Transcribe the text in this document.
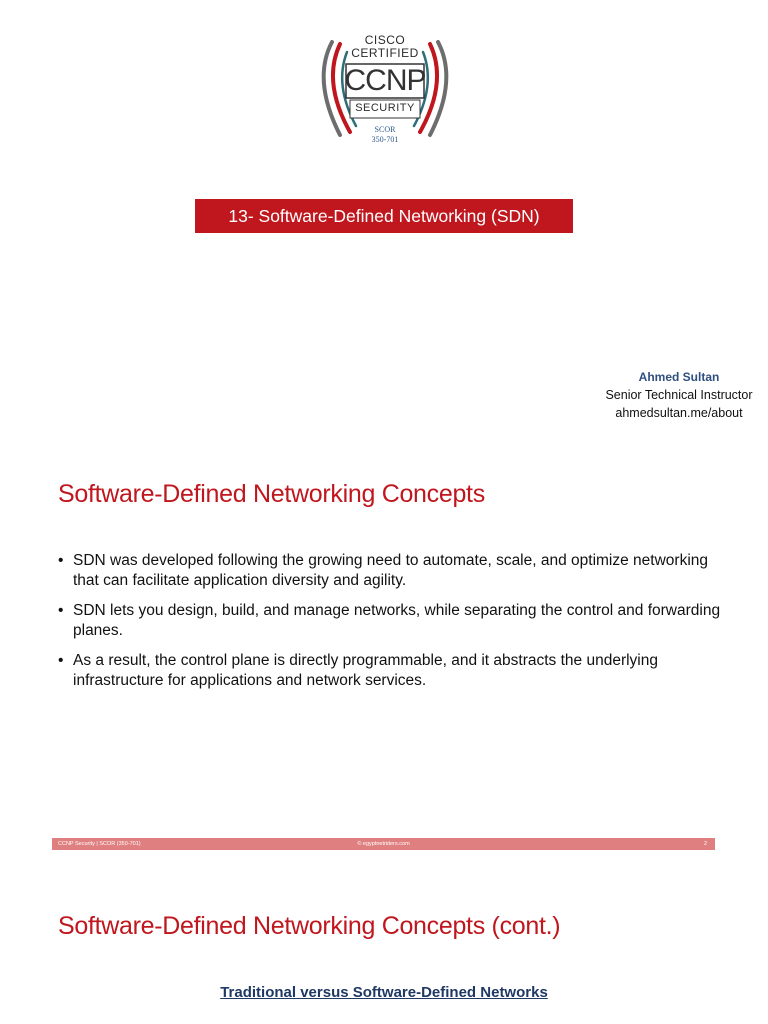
CISCO
CERTIFIED
CCNP
SECURITY
SCOR
350-701
13- Software-Defined Networking (SDN)
Ahmed Sultan
Senior Technical Instructor
ahmedsultan.me/about
Software-Defined Networking Concepts
• SDN was developed following the growing need to automate, scale, and optimize networking that can facilitate application diversity and agility.
• SDN lets you design, build, and manage networks, while separating the control and forwarding planes.
• As a result, the control plane is directly programmable, and it abstracts the underlying infrastructure for applications and network services.
CCNP Security | SCOR (350-701)	© egyptnetriders.com	2
Software-Defined Networking Concepts (cont.)
Traditional versus Software-Defined Networks
